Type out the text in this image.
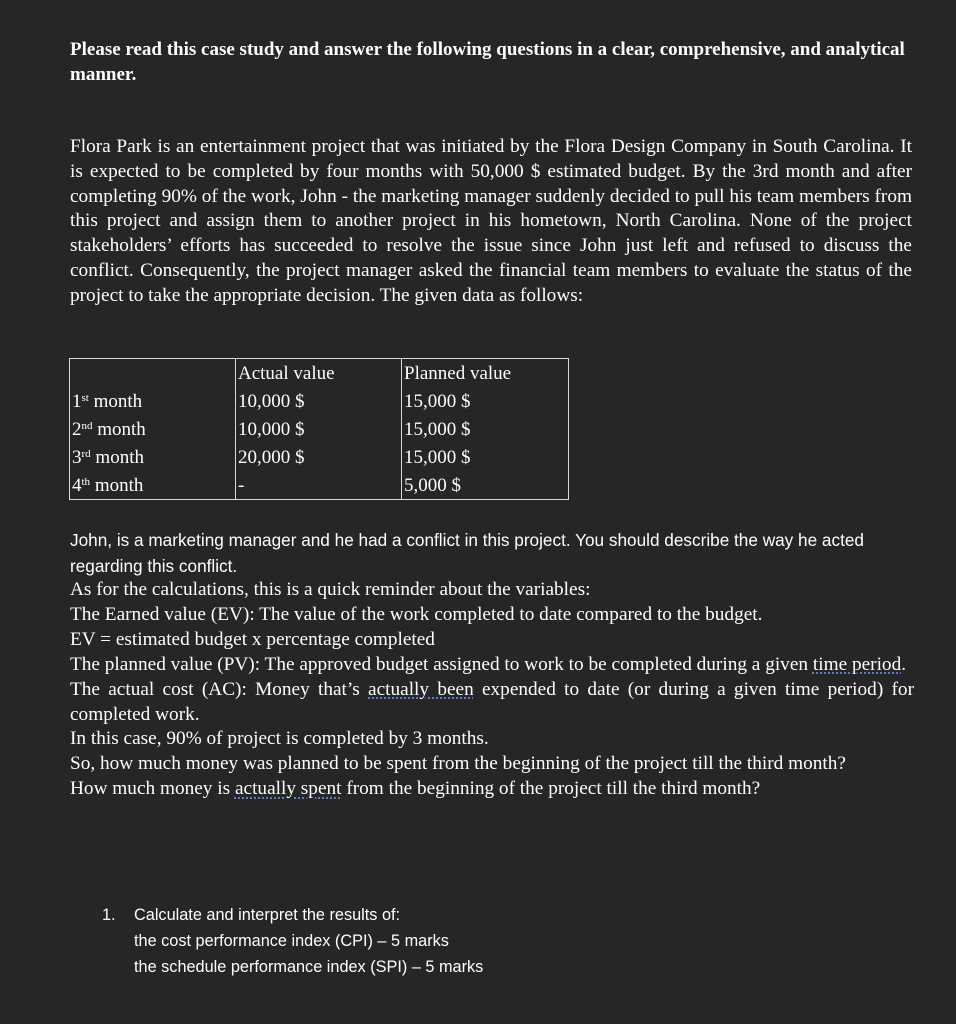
Please read this case study and answer the following questions in a clear, comprehensive, and analytical manner.

Flora Park is an entertainment project that was initiated by the Flora Design Company in South Carolina. It is expected to be completed by four months with 50,000 $ estimated budget. By the 3rd month and after completing 90% of the work, John - the marketing manager suddenly decided to pull his team members from this project and assign them to another project in his hometown, North Carolina. None of the project stakeholders’ efforts has succeeded to resolve the issue since John just left and refused to discuss the conflict. Consequently, the project manager asked the financial team members to evaluate the status of the project to take the appropriate decision. The given data as follows:

	Actual value	Planned value
1st month	10,000 $	15,000 $
2nd month	10,000 $	15,000 $
3rd month	20,000 $	15,000 $
4th month	-	5,000 $

John, is a marketing manager and he had a conflict in this project. You should describe the way he acted regarding this conflict.

As for the calculations, this is a quick reminder about the variables:

The Earned value (EV): The value of the work completed to date compared to the budget.

EV = estimated budget x percentage completed

The planned value (PV): The approved budget assigned to work to be completed during a given time period.

The actual cost (AC): Money that’s actually been expended to date (or during a given time period) for completed work.

In this case, 90% of project is completed by 3 months.

So, how much money was planned to be spent from the beginning of the project till the third month?

How much money is actually spent from the beginning of the project till the third month?

1. Calculate and interpret the results of:
the cost performance index (CPI) – 5 marks
the schedule performance index (SPI) – 5 marks
